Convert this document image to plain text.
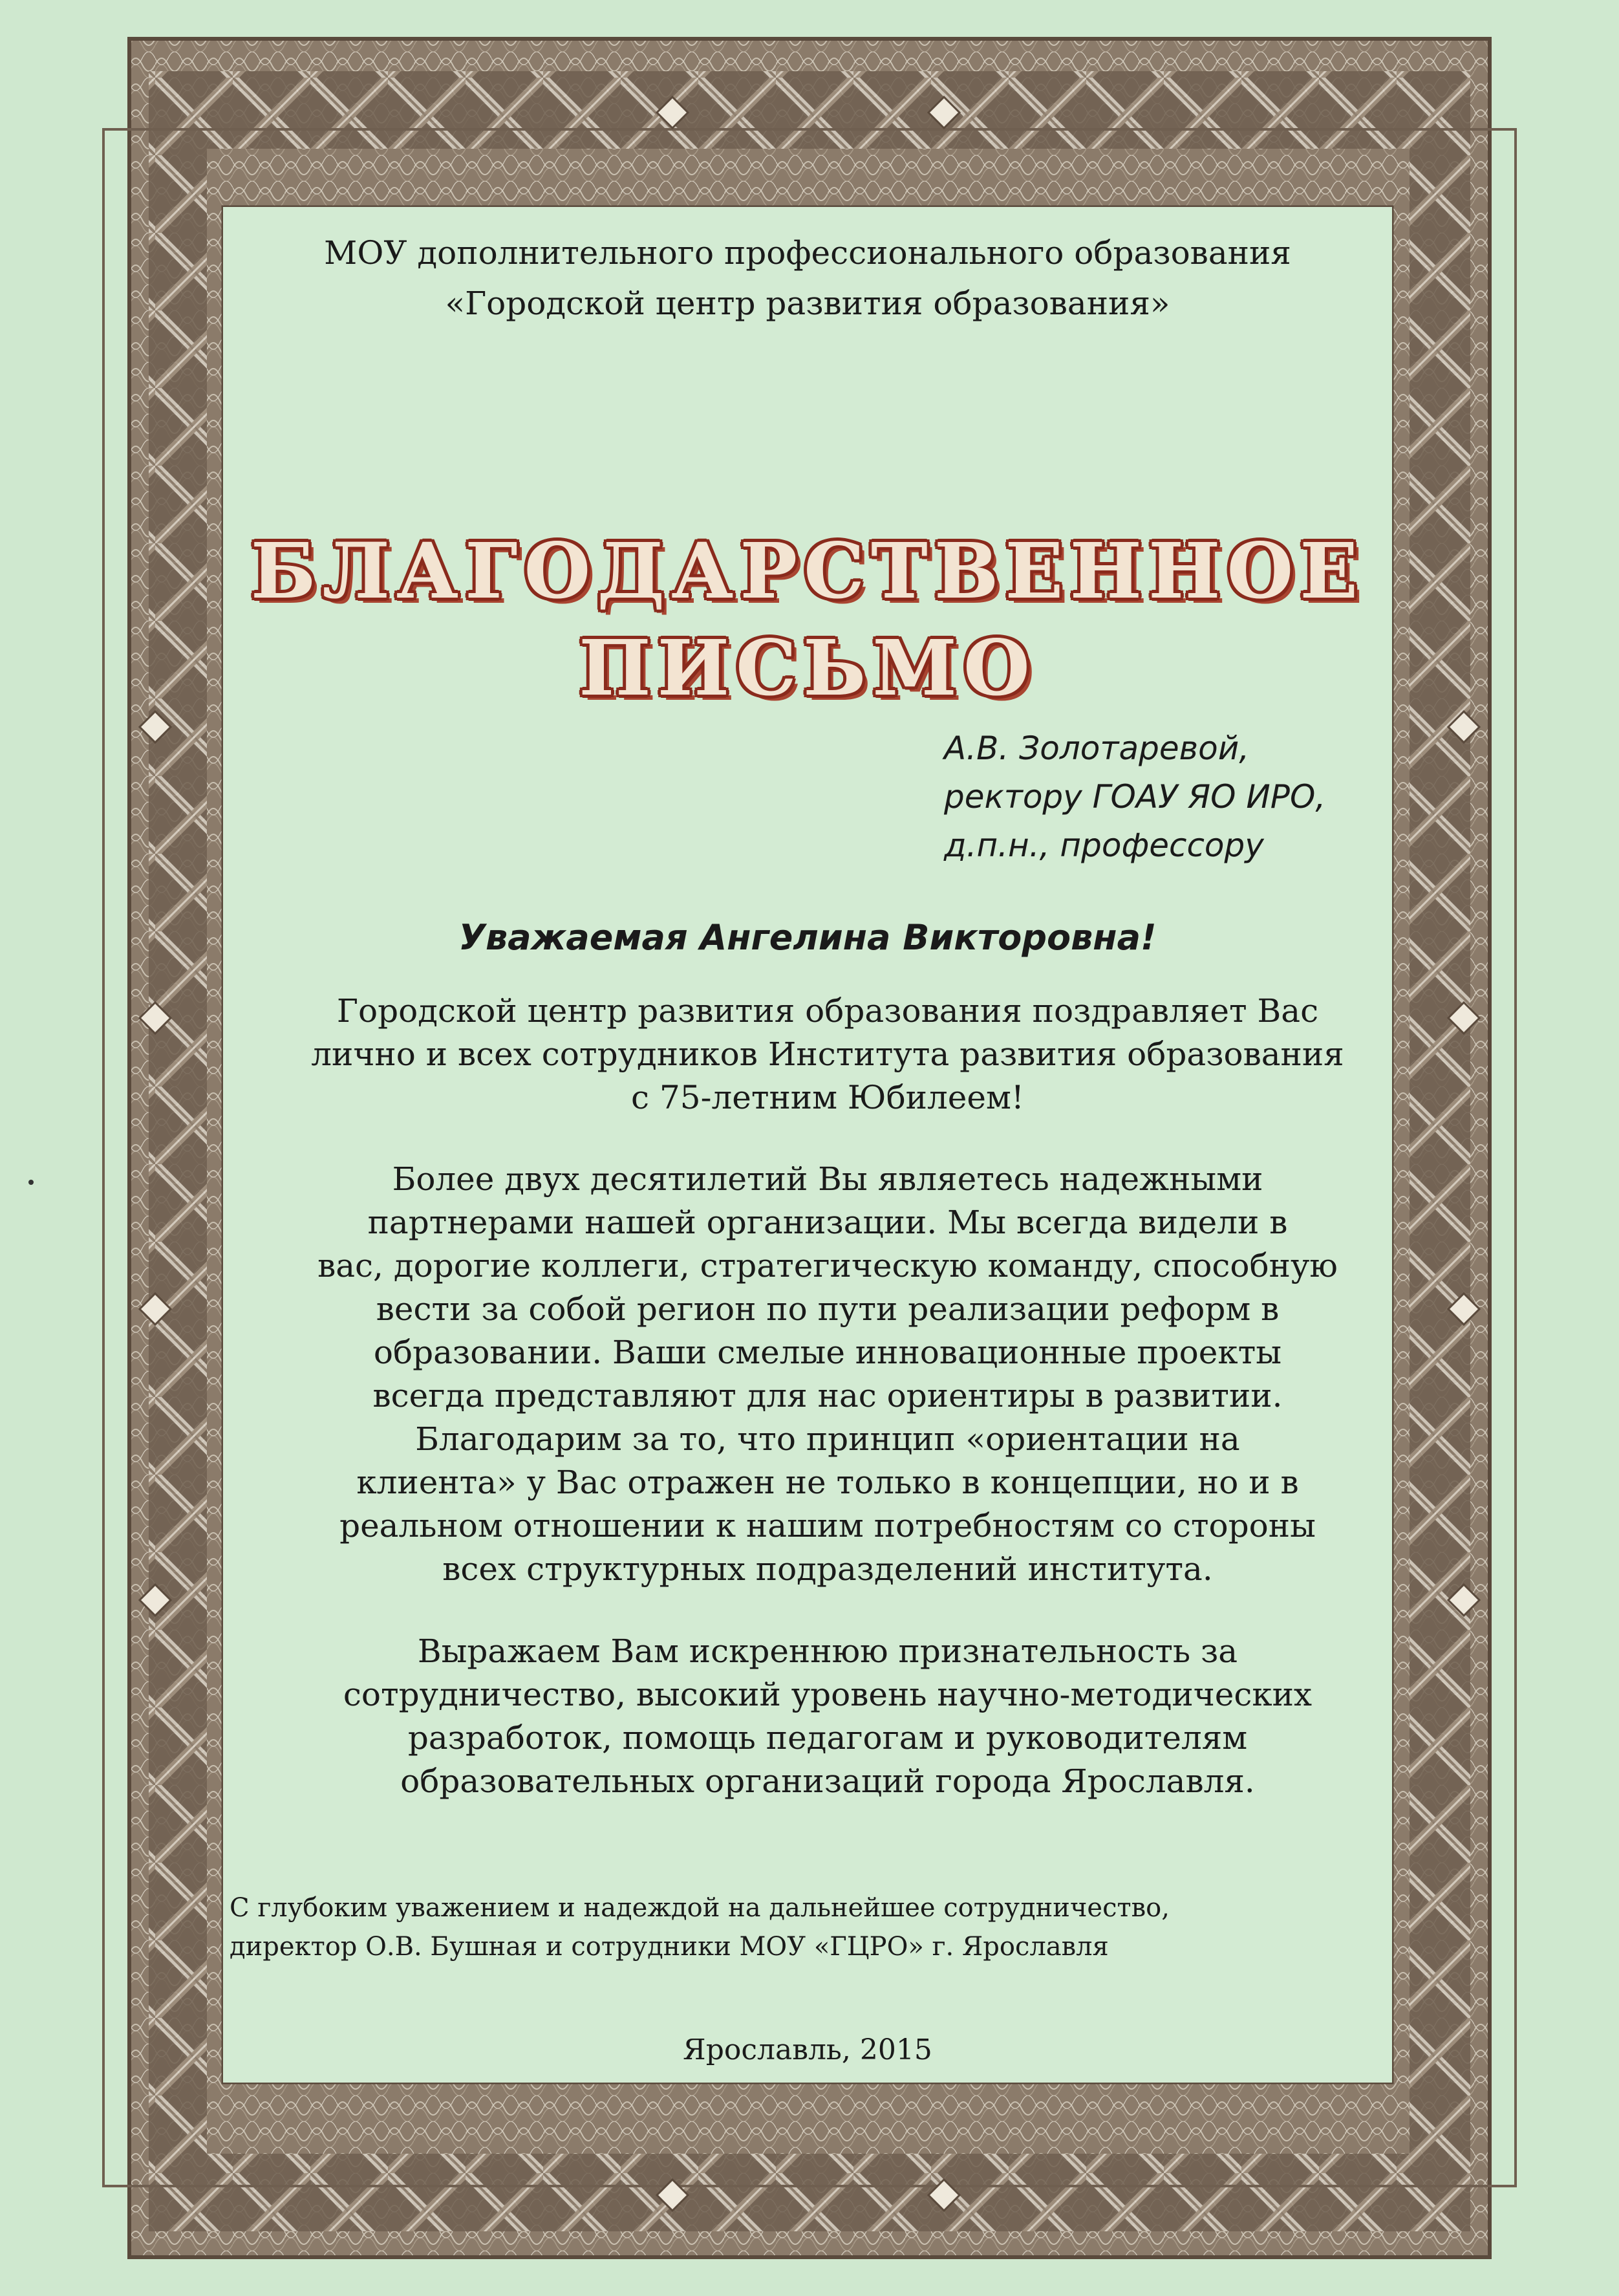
МОУ дополнительного профессионального образования
«Городской центр развития образования»
БЛАГОДАРСТВЕННОЕ
ПИСЬМО
А.В. Золотаревой,
ректору ГОАУ ЯО ИРО,
д.п.н., профессору
Уважаемая Ангелина Викторовна!
Городской центр развития образования поздравляет Вас
лично и всех сотрудников Института развития образования
с 75-летним Юбилеем!
Более двух десятилетий Вы являетесь надежными
партнерами нашей организации. Мы всегда видели в
вас, дорогие коллеги, стратегическую команду, способную
вести за собой регион по пути реализации реформ в
образовании. Ваши смелые инновационные проекты
всегда представляют для нас ориентиры в развитии.
Благодарим за то, что принцип «ориентации на
клиента» у Вас отражен не только в концепции, но и в
реальном отношении к нашим потребностям со стороны
всех структурных подразделений института.
Выражаем Вам искреннюю признательность за
сотрудничество, высокий уровень научно-методических
разработок, помощь педагогам и руководителям
образовательных организаций города Ярославля.
С глубоким уважением и надеждой на дальнейшее сотрудничество,
директор О.В. Бушная и сотрудники МОУ «ГЦРО» г. Ярославля
Ярославль, 2015
